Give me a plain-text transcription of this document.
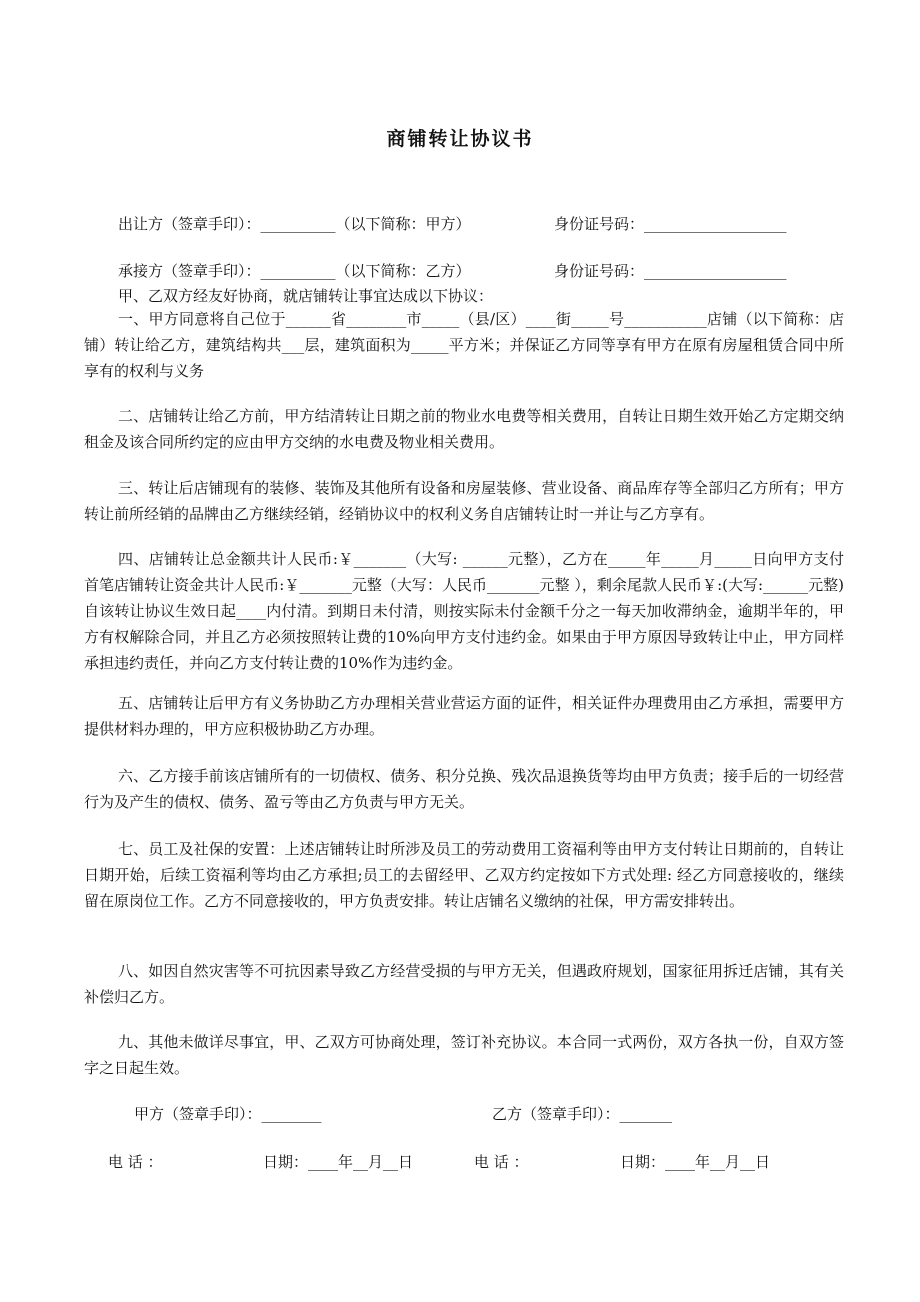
商铺转让协议书
出让方（签章手印）：__________（以下简称：甲方）	身份证号码：___________________
承接方（签章手印）：__________（以下简称：乙方）	身份证号码：___________________
甲、乙双方经友好协商，就店铺转让事宜达成以下协议：
一、甲方同意将自己位于______省________市_____（县/区）____街_____号___________店铺（以下简称：店铺）转让给乙方，建筑结构共___层，建筑面积为_____平方米；并保证乙方同等享有甲方在原有房屋租赁合同中所享有的权利与义务
二、店铺转让给乙方前，甲方结清转让日期之前的物业水电费等相关费用，自转让日期生效开始乙方定期交纳租金及该合同所约定的应由甲方交纳的水电费及物业相关费用。
三、转让后店铺现有的装修、装饰及其他所有设备和房屋装修、营业设备、商品库存等全部归乙方所有；甲方转让前所经销的品牌由乙方继续经销，经销协议中的权利义务自店铺转让时一并让与乙方享有。
四、店铺转让总金额共计人民币:￥_______（大写: ______元整），乙方在_____年_____月_____日向甲方支付首笔店铺转让资金共计人民币:￥_______元整（大写：人民币_______元整 ），剩余尾款人民币￥:(大写:______元整)自该转让协议生效日起____内付清。到期日未付清，则按实际未付金额千分之一每天加收滞纳金，逾期半年的，甲方有权解除合同，并且乙方必须按照转让费的10%向甲方支付违约金。如果由于甲方原因导致转让中止，甲方同样承担违约责任，并向乙方支付转让费的10%作为违约金。
五、店铺转让后甲方有义务协助乙方办理相关营业营运方面的证件，相关证件办理费用由乙方承担，需要甲方提供材料办理的，甲方应积极协助乙方办理。
六、乙方接手前该店铺所有的一切债权、债务、积分兑换、残次品退换货等均由甲方负责；接手后的一切经营行为及产生的债权、债务、盈亏等由乙方负责与甲方无关。
七、员工及社保的安置：上述店铺转让时所涉及员工的劳动费用工资福利等由甲方支付转让日期前的，自转让日期开始，后续工资福利等均由乙方承担;员工的去留经甲、乙双方约定按如下方式处理: 经乙方同意接收的，继续留在原岗位工作。乙方不同意接收的，甲方负责安排。转让店铺名义缴纳的社保，甲方需安排转出。
八、如因自然灾害等不可抗因素导致乙方经营受损的与甲方无关，但遇政府规划，国家征用拆迁店铺，其有关补偿归乙方。
九、其他未做详尽事宜，甲、乙双方可协商处理，签订补充协议。本合同一式两份，双方各执一份，自双方签字之日起生效。
甲方（签章手印）：________	乙方（签章手印）：_______
电 话 ：	日期：____年__月__日	电 话 ：	日期：____年__月__日
